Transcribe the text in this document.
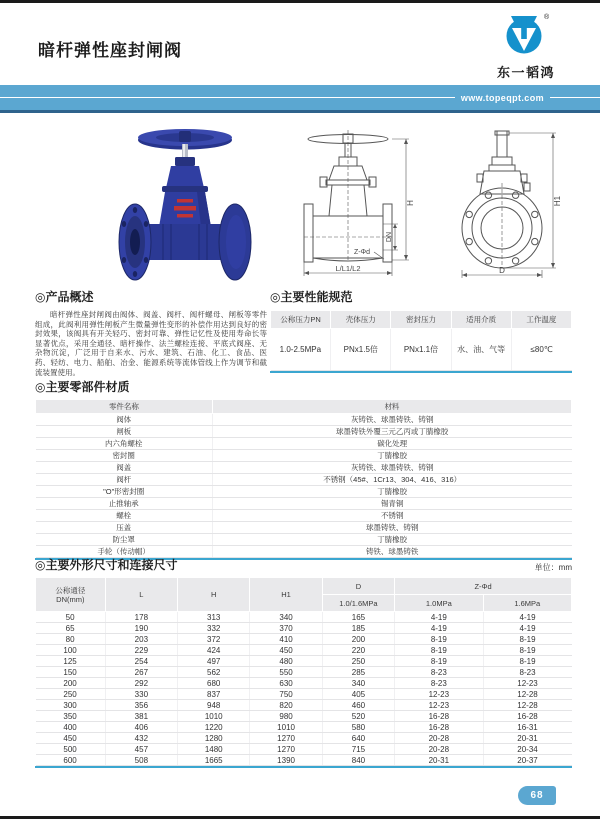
暗杆弹性座封闸阀
®
东一韬鸿
www.topeqpt.com
H
DN
Z-Φd
L/L1/L2
H1
D
◎产品概述

暗杆弹性座封闸阀由阀体、阀盖、阀杆、阀杆螺母、闸板等零件组成，此阀利用弹性闸板产生微量弹性变形的补偿作用达到良好的密封效果，该阀具有开关轻巧、密封可靠、弹性记忆性及使用寿命长等显著优点，采用全通径、暗杆操作、法兰螺栓连接、平底式阀座、无杂物沉淀，广泛用于自来水、污水、建筑、石油、化工、食品、医药、轻纺、电力、船舶、冶金、能源系统等流体管线上作为调节和截流装置使用。

◎主要性能规范
公称压力PN	壳体压力	密封压力	适用介质	工作温度
1.0-2.5MPa	PNx1.5倍	PNx1.1倍	水、油、气等	≤80℃
◎主要零部件材质
零件名称	材料
阀体	灰铸铁、球墨铸铁、铸钢
闸板	球墨铸铁外覆三元乙丙或丁腈橡胶
内六角螺栓	碳化处理
密封圈	丁腈橡胶
阀盖	灰铸铁、球墨铸铁、铸钢
阀杆	不锈钢（45#、1Cr13、304、416、316）
"O"形密封圈	丁腈橡胶
止推轴承	锡青铜
螺栓	不锈钢
压盖	球墨铸铁、铸钢
防尘罩	丁腈橡胶
手轮（传动帽）	铸铁、球墨铸铁
◎主要外形尺寸和连接尺寸	单位：mm
公称通径
DN(mm)	L	H	H1	D	Z-Φd	
				1.0/1.6MPa	1.0MPa	1.6MPa
50	178	313	340	165	4-19	4-19
65	190	332	370	185	4-19	4-19
80	203	372	410	200	8-19	8-19
100	229	424	450	220	8-19	8-19
125	254	497	480	250	8-19	8-19
150	267	562	550	285	8-23	8-23
200	292	680	630	340	8-23	12-23
250	330	837	750	405	12-23	12-28
300	356	948	820	460	12-23	12-28
350	381	1010	980	520	16-28	16-28
400	406	1220	1010	580	16-28	16-31
450	432	1280	1270	640	20-28	20-31
500	457	1480	1270	715	20-28	20-34
600	508	1665	1390	840	20-31	20-37
68
